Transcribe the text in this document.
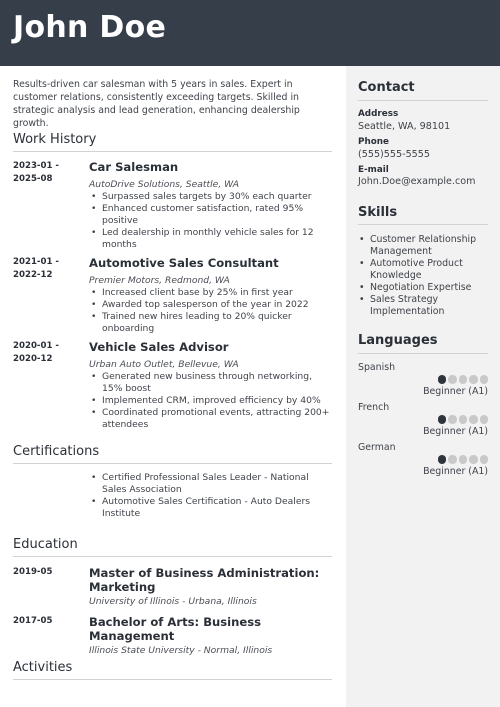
John Doe

Results-driven car salesman with 5 years in sales. Expert in customer relations, consistently exceeding targets. Skilled in strategic analysis and lead generation, enhancing dealership growth.

Work History
2023-01 -
2025-08
Car Salesman
AutoDrive Solutions, Seattle, WA
• Surpassed sales targets by 30% each quarter
• Enhanced customer satisfaction, rated 95% positive
• Led dealership in monthly vehicle sales for 12 months
2021-01 -
2022-12
Automotive Sales Consultant
Premier Motors, Redmond, WA
• Increased client base by 25% in first year
• Awarded top salesperson of the year in 2022
• Trained new hires leading to 20% quicker onboarding
2020-01 -
2020-12
Vehicle Sales Advisor
Urban Auto Outlet, Bellevue, WA
• Generated new business through networking, 15% boost
• Implemented CRM, improved efficiency by 40%
• Coordinated promotional events, attracting 200+ attendees
Certifications
• Certified Professional Sales Leader - National Sales Association
• Automotive Sales Certification - Auto Dealers Institute
Education
2019-05	Master of Business Administration: Marketing
University of Illinois - Urbana, Illinois
2017-05	Bachelor of Arts: Business Management
Illinois State University - Normal, Illinois
Activities
Contact
Address
Seattle, WA, 98101
Phone
(555)555-5555
E-mail
John.Doe@example.com
Skills
• Customer Relationship Management
• Automotive Product Knowledge
• Negotiation Expertise
• Sales Strategy Implementation
Languages
Spanish
Beginner (A1)
French
Beginner (A1)
German
Beginner (A1)
